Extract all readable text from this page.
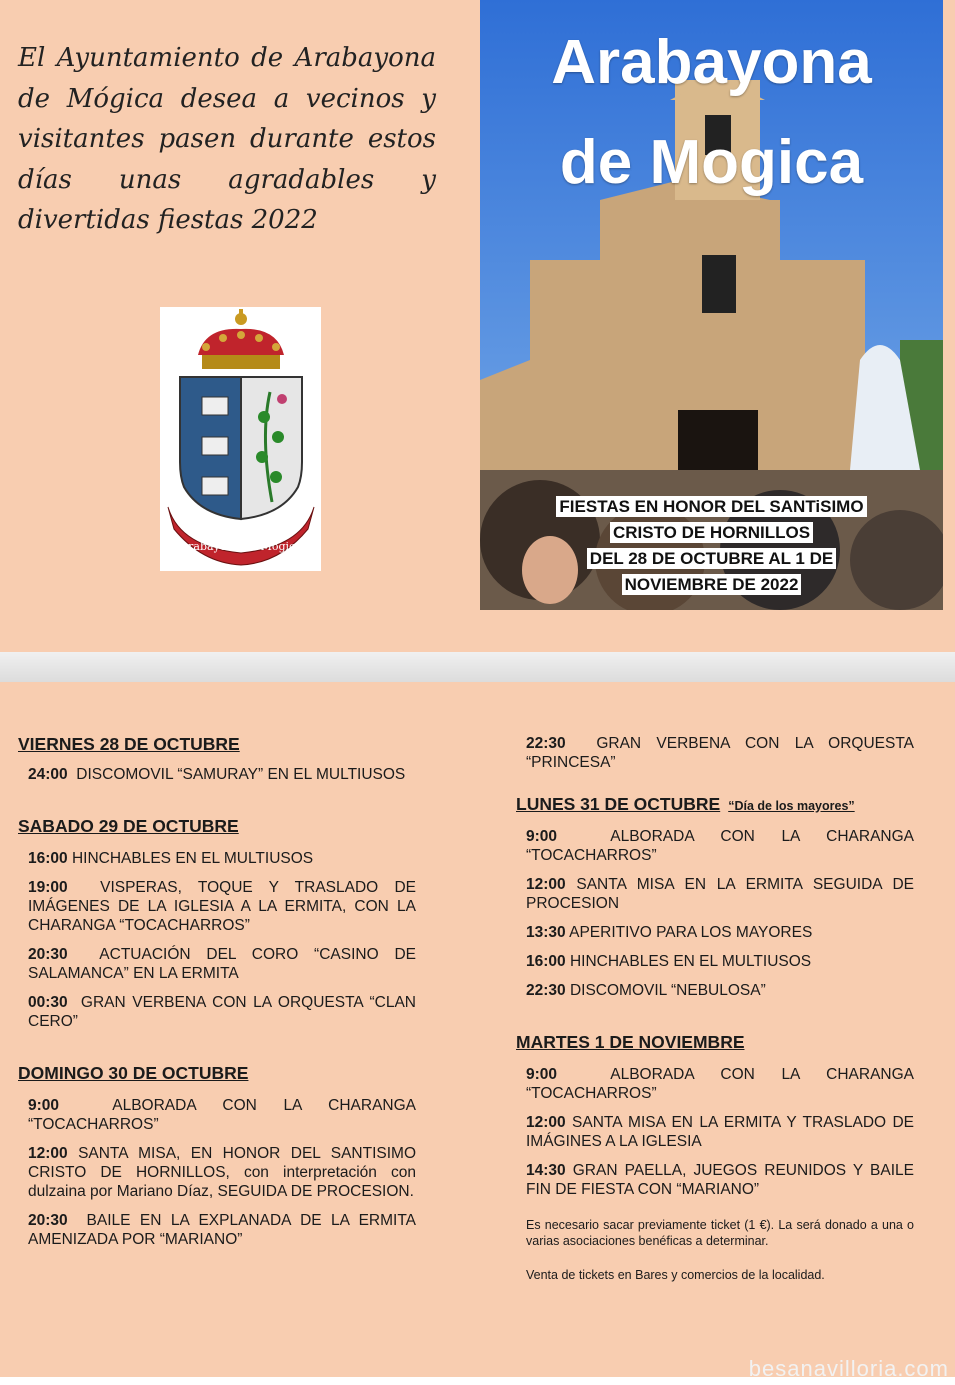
El Ayuntamiento de Arabayona de Mógica desea a vecinos y visitantes pasen durante estos días unas agradables y divertidas fiestas 2022
Arabayona de Mógica
Arabayona
de Mogica
FIESTAS EN HONOR DEL SANTiSIMO
CRISTO DE HORNILLOS
DEL 28 DE OCTUBRE AL 1 DE
NOVIEMBRE DE 2022

VIERNES 28 DE OCTUBRE

24:00 DISCOMOVIL “SAMURAY” EN EL MULTIUSOS

SABADO 29 DE OCTUBRE

16:00 HINCHABLES EN EL MULTIUSOS

19:00 VISPERAS, TOQUE Y TRASLADO DE IMÁGENES DE LA IGLESIA A LA ERMITA, CON LA CHARANGA “TOCACHARROS”

20:30 ACTUACIÓN DEL CORO “CASINO DE SALAMANCA” EN LA ERMITA

00:30 GRAN VERBENA CON LA ORQUESTA “CLAN CERO”

DOMINGO 30 DE OCTUBRE

9:00	ALBORADA CON LA CHARANGA “TOCACHARROS”

12:00 SANTA MISA, EN HONOR DEL SANTISIMO CRISTO DE HORNILLOS, con interpretación con dulzaina por Mariano Díaz, SEGUIDA DE PROCESION.

20:30 BAILE EN LA EXPLANADA DE LA ERMITA AMENIZADA POR “MARIANO”

22:30 GRAN VERBENA CON LA ORQUESTA “PRINCESA”

LUNES 31 DE OCTUBRE “Día de los mayores”

9:00	ALBORADA CON LA CHARANGA “TOCACHARROS”

12:00 SANTA MISA EN LA ERMITA SEGUIDA DE PROCESION

13:30 APERITIVO PARA LOS MAYORES

16:00 HINCHABLES EN EL MULTIUSOS

22:30 DISCOMOVIL “NEBULOSA”

MARTES 1 DE NOVIEMBRE

9:00	ALBORADA CON LA CHARANGA “TOCACHARROS”

12:00 SANTA MISA EN LA ERMITA Y TRASLADO DE IMÁGINES A LA IGLESIA

14:30 GRAN PAELLA, JUEGOS REUNIDOS Y BAILE FIN DE FIESTA CON “MARIANO”

Es necesario sacar previamente ticket (1 €). La será donado a una o varias asociaciones benéficas a determinar.

Venta de tickets en Bares y comercios de la localidad.

besanavilloria.com
